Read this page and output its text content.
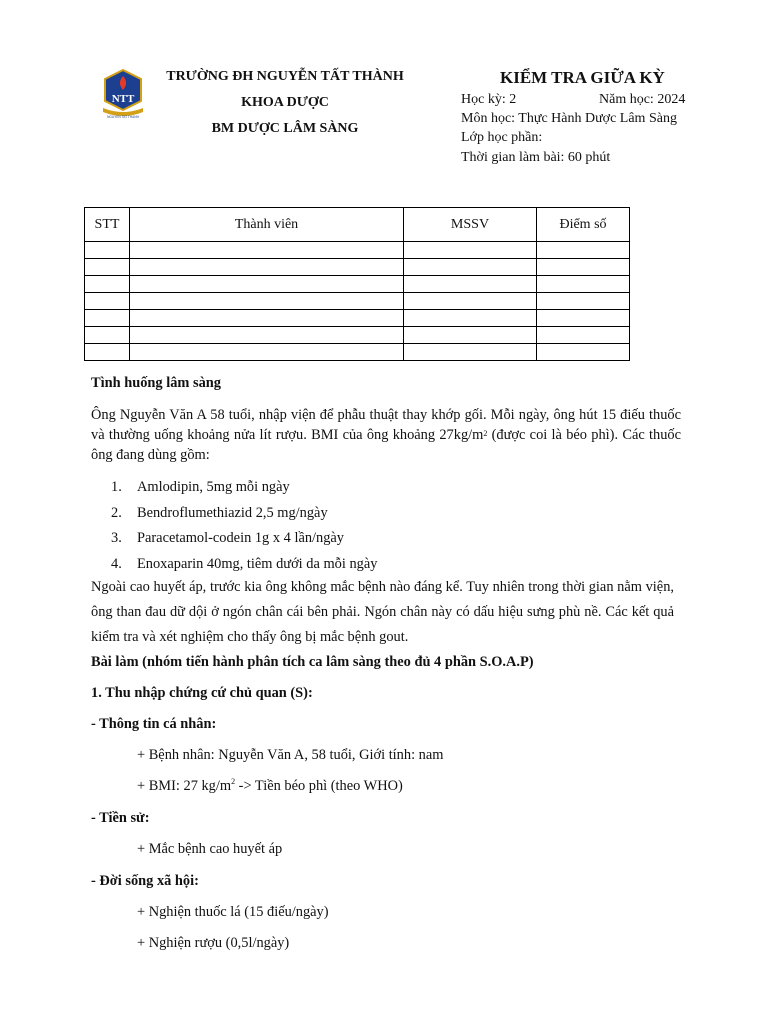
NTT
NGUYEN TAT THANH
TRƯỜNG ĐH NGUYỄN TẤT THÀNH
KHOA DƯỢC
BM DƯỢC LÂM SÀNG
KIỂM TRA GIỮA KỲ
Học kỳ: 2	Năm học: 2024
Môn học: Thực Hành Dược Lâm Sàng
Lớp học phần:
Thời gian làm bài: 60 phút
STT	Thành viên	MSSV	Điểm số

Tình huống lâm sàng
Ông Nguyễn Văn A 58 tuổi, nhập viện để phẫu thuật thay khớp gối. Mỗi ngày, ông hút 15 điếu thuốc và thường uống khoảng nửa lít rượu. BMI của ông khoảng $27kg/m^2$ (được coi là béo phì). Các thuốc ông đang dùng gồm:
1. Amlodipin, 5mg mỗi ngày
2. Bendroflumethiazid 2,5 mg/ngày
3. Paracetamol-codein 1g x 4 lần/ngày
4. Enoxaparin 40mg, tiêm dưới da mỗi ngày
Ngoài cao huyết áp, trước kia ông không mắc bệnh nào đáng kể. Tuy nhiên trong thời gian nằm viện, ông than đau dữ dội ở ngón chân cái bên phải. Ngón chân này có dấu hiệu sưng phù nề. Các kết quả kiểm tra và xét nghiệm cho thấy ông bị mắc bệnh gout.
Bài làm (nhóm tiến hành phân tích ca lâm sàng theo đủ 4 phần S.O.A.P)
1. Thu nhập chứng cứ chủ quan (S):
- Thông tin cá nhân:
+ Bệnh nhân: Nguyễn Văn A, 58 tuổi, Giới tính: nam
+ BMI: 27 $kg/m^2$ -> Tiền béo phì (theo WHO)
- Tiền sử:
+ Mắc bệnh cao huyết áp
- Đời sống xã hội:
+ Nghiện thuốc lá (15 điếu/ngày)
+ Nghiện rượu (0,5l/ngày)
